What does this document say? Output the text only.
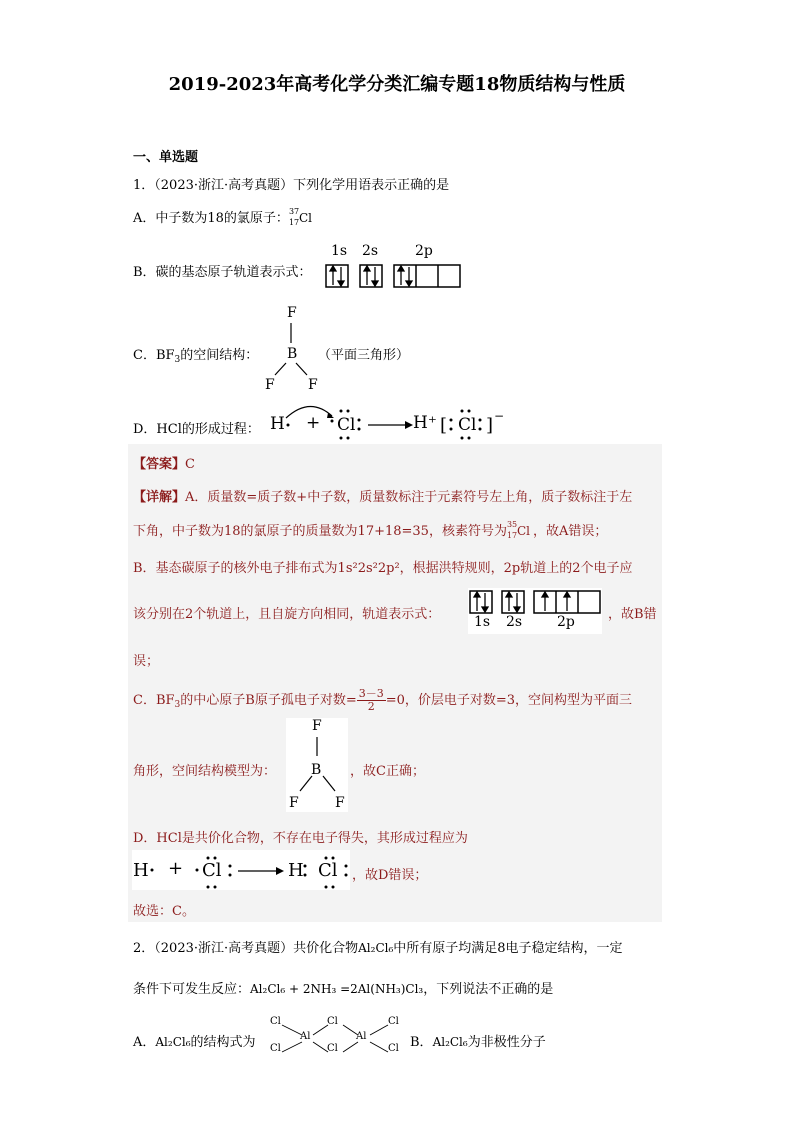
2019-2023年高考化学分类汇编专题18物质结构与性质
一、单选题
1．（2023·浙江·高考真题）下列化学用语表示正确的是
A．中子数为18的氯原子： 37
17 Cl
B．碳的基态原子轨道表示式：
1s 2s	2p
C．$BF_3$的空间结构：
F
B
F F
（平面三角形）
D．HCl的形成过程： H + Cl	H⁺ Cl
[ ] −
【答案】C
【详解】A．质量数=质子数+中子数，质量数标注于元素符号左上角，质子数标注于左
下角，中子数为18的氯原子的质量数为17+18=35，核素符号为 35
17 Cl ，故A错误；
B．基态碳原子的核外电子排布式为1s²2s²2p²，根据洪特规则，2p轨道上的2个电子应
该分别在2个轨道上，且自旋方向相同，轨道表示式： 1s 2s 2p	，故B错
误；
C．$BF_3$的中心原子B原子孤电子对数= $\frac{3-3}{2} =0$，价层电子对数=3，空间构型为平面三
角形，空间结构模型为：
F
B
F	F
，故C正确；
D．HCl是共价化合物，不存在电子得失，其形成过程应为
H + Cl	H Cl ，故D错误；
故选：C。
2．（2023·浙江·高考真题）共价化合物Al₂Cl₆中所有原子均满足8电子稳定结构，一定
条件下可发生反应：Al₂Cl₆ + 2NH₃ =2Al(NH₃)Cl₃，下列说法不正确的是
A．Al₂Cl₆的结构式为
Cl
Cl
Al
Cl
Cl
Al
Cl
Cl B．Al₂Cl₆为非极性分子
